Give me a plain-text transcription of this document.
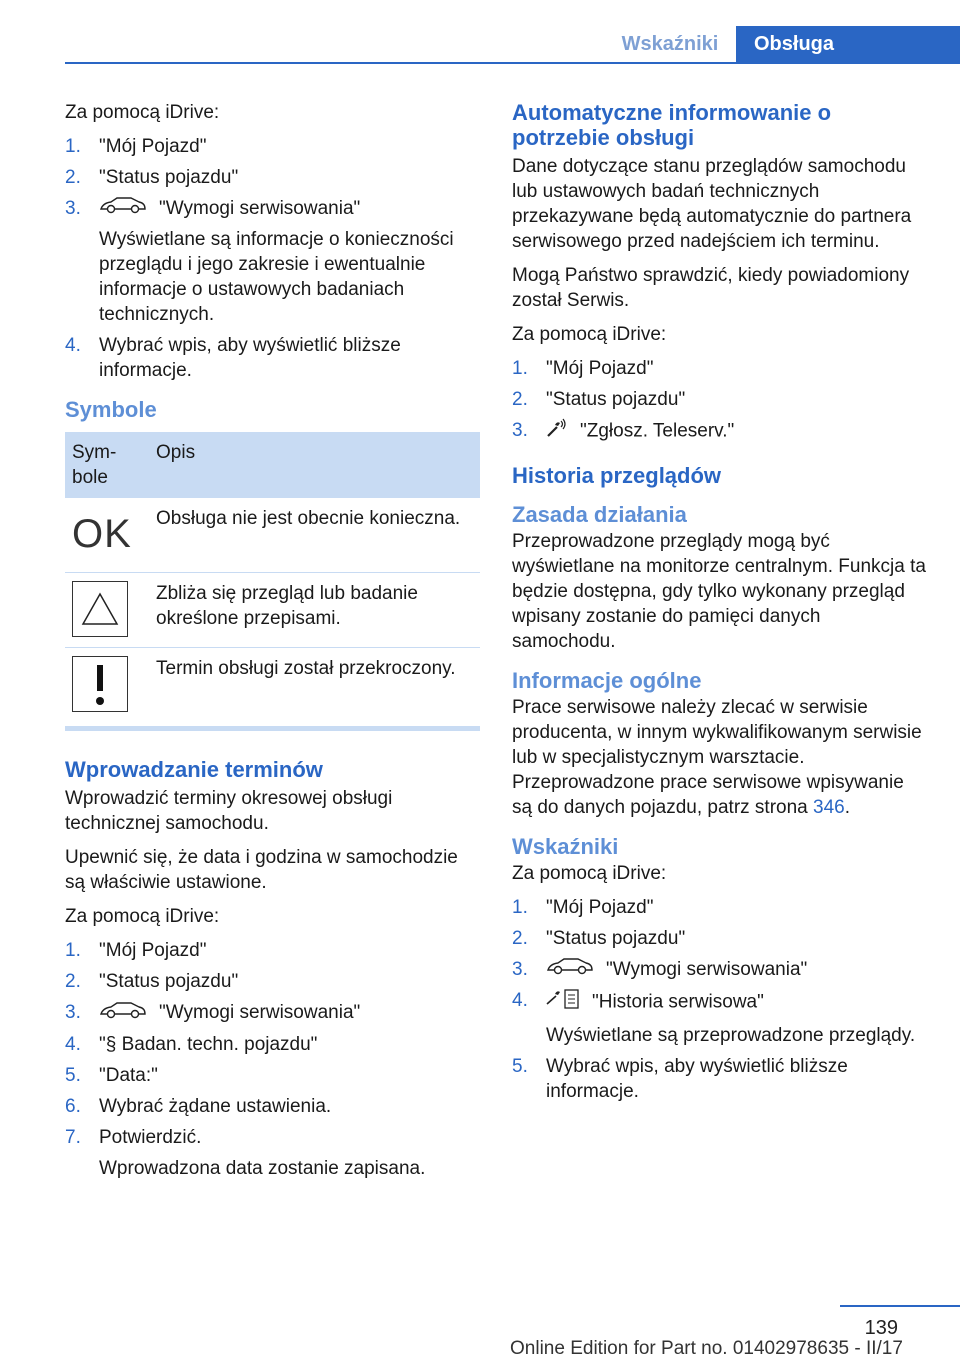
Wskaźniki	Obsługa

Za pomocą iDrive:

1. "Mój Pojazd"
2. "Status pojazdu"
3.	"Wymogi serwisowania"
Wyświetlane są informacje o konieczności przeglądu i jego zakresie i ewentualnie informacje o ustawowych badaniach technicznych.
4. Wybrać wpis, aby wyświetlić bliższe informacje.
Symbole
Sym-bole	Opis

OK	Obsługa nie jest obecnie konieczna.

	Zbliża się przegląd lub badanie określone przepisami.

	Termin obsługi został przekroczony.
Wprowadzanie terminów

Wprowadzić terminy okresowej obsługi technicznej samochodu.

Upewnić się, że data i godzina w samochodzie są właściwie ustawione.

Za pomocą iDrive:

1. "Mój Pojazd"
2. "Status pojazdu"
3.	"Wymogi serwisowania"
4. "§ Badan. techn. pojazdu"
5. "Data:"
6. Wybrać żądane ustawienia.
7. Potwierdzić.
Wprowadzona data zostanie zapisana.
Automatyczne informowanie o potrzebie obsługi

Dane dotyczące stanu przeglądów samochodu lub ustawowych badań technicznych przekazywane będą automatycznie do partnera serwisowego przed nadejściem ich terminu.

Mogą Państwo sprawdzić, kiedy powiadomiony został Serwis.

Za pomocą iDrive:

1. "Mój Pojazd"
2. "Status pojazdu"
3.	"Zgłosz. Teleserv."
Historia przeglądów
Zasada działania

Przeprowadzone przeglądy mogą być wyświetlane na monitorze centralnym. Funkcja ta będzie dostępna, gdy tylko wykonany przegląd wpisany zostanie do pamięci danych samochodu.

Informacje ogólne

Prace serwisowe należy zlecać w serwisie producenta, w innym wykwalifikowanym serwisie lub w specjalistycznym warsztacie. Przeprowadzone prace serwisowe wpisywanie są do danych pojazdu, patrz strona 346.

Wskaźniki

Za pomocą iDrive:

1. "Mój Pojazd"
2. "Status pojazdu"
3.	"Wymogi serwisowania"
4.	"Historia serwisowa"
Wyświetlane są przeprowadzone przeglądy.
5. Wybrać wpis, aby wyświetlić bliższe informacje.
139
Online Edition for Part no. 01402978635 - II/17
